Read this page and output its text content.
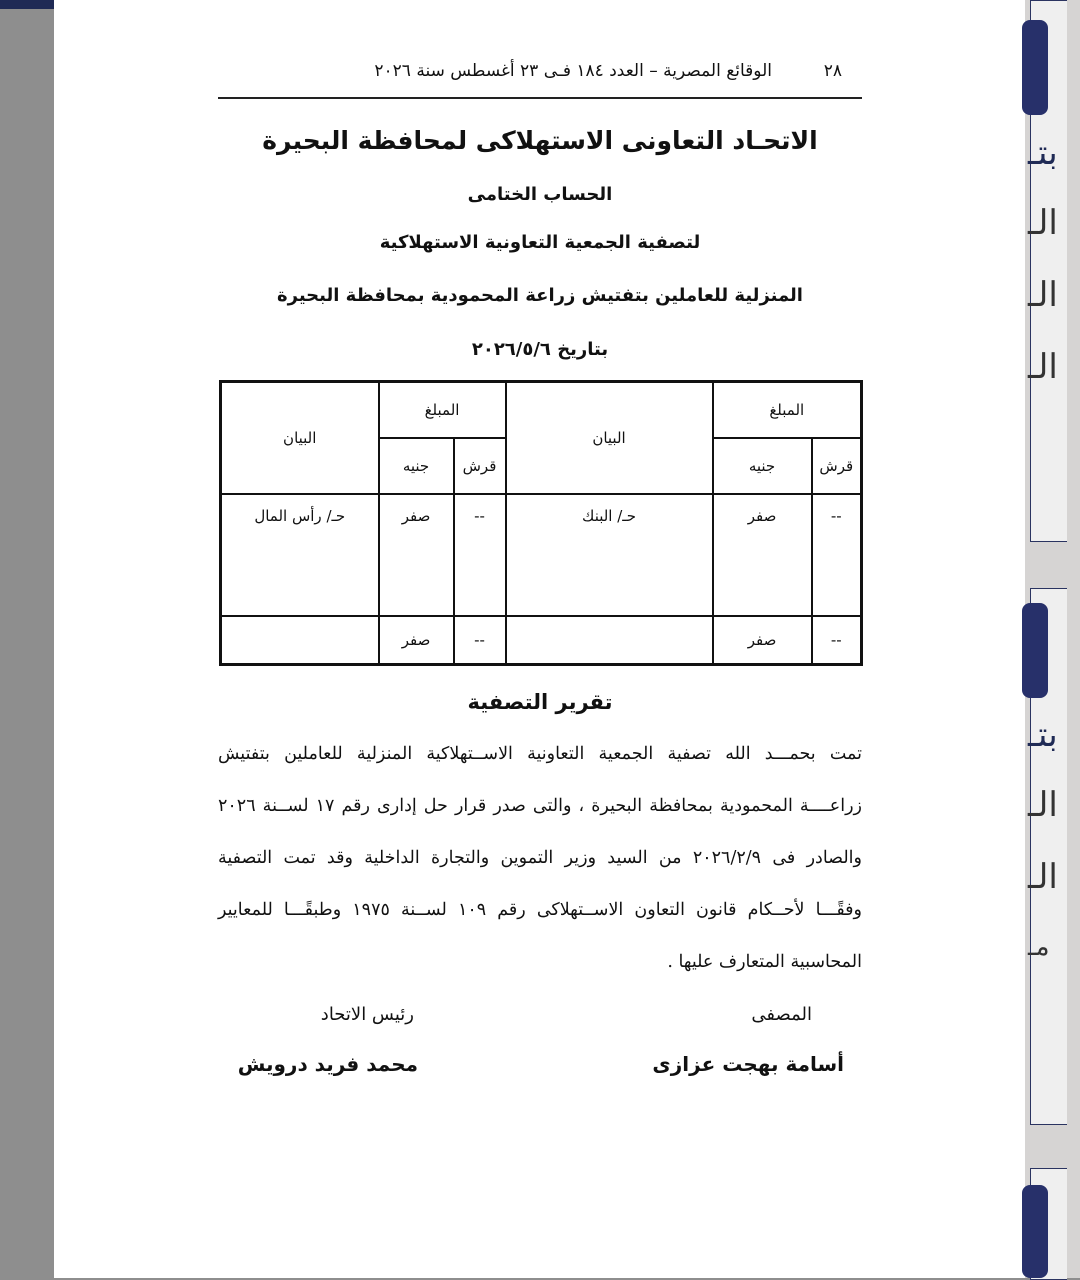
بتـ
الـ
الـ
الـ
بتـ
الـ
الـ
مـ
٢٨
الوقائع المصرية – العدد ١٨٤ فـى ٢٣ أغسطس سنة ٢٠٢٦
الاتحـاد التعاونى الاستهلاكى لمحافظة البحيرة
الحساب الختامى
لتصفية الجمعية التعاونية الاستهلاكية
المنزلية للعاملين بتفتيش زراعة المحمودية بمحافظة البحيرة
بتاريخ ٢٠٢٦/٥/٦
المبلغ		البيان	المبلغ		البيان
قرش	جنيه		قرش	جنيه	
--	صفر	حـ/ البنك	--	صفر	حـ/ رأس المال
--	صفر		--	صفر	
تقرير التصفية
تمت بحمـــد الله تصفية الجمعية التعاونية الاســتهلاكية المنزلية للعاملين بتفتيش
زراعــــة المحمودية بمحافظة البحيرة ، والتى صدر قرار حل إدارى رقم ١٧ لســنة ٢٠٢٦
والصادر فى ٢٠٢٦/٢/٩ من السيد وزير التموين والتجارة الداخلية وقد تمت التصفية
وفقًـــا لأحــكام قانون التعاون الاســتهلاكى رقم ١٠٩ لســنة ١٩٧٥ وطبقًـــا للمعايير
المحاسبية المتعارف عليها .
المصفى
رئيس الاتحاد
أسامة بهجت عزازى
محمد فريد درويش
